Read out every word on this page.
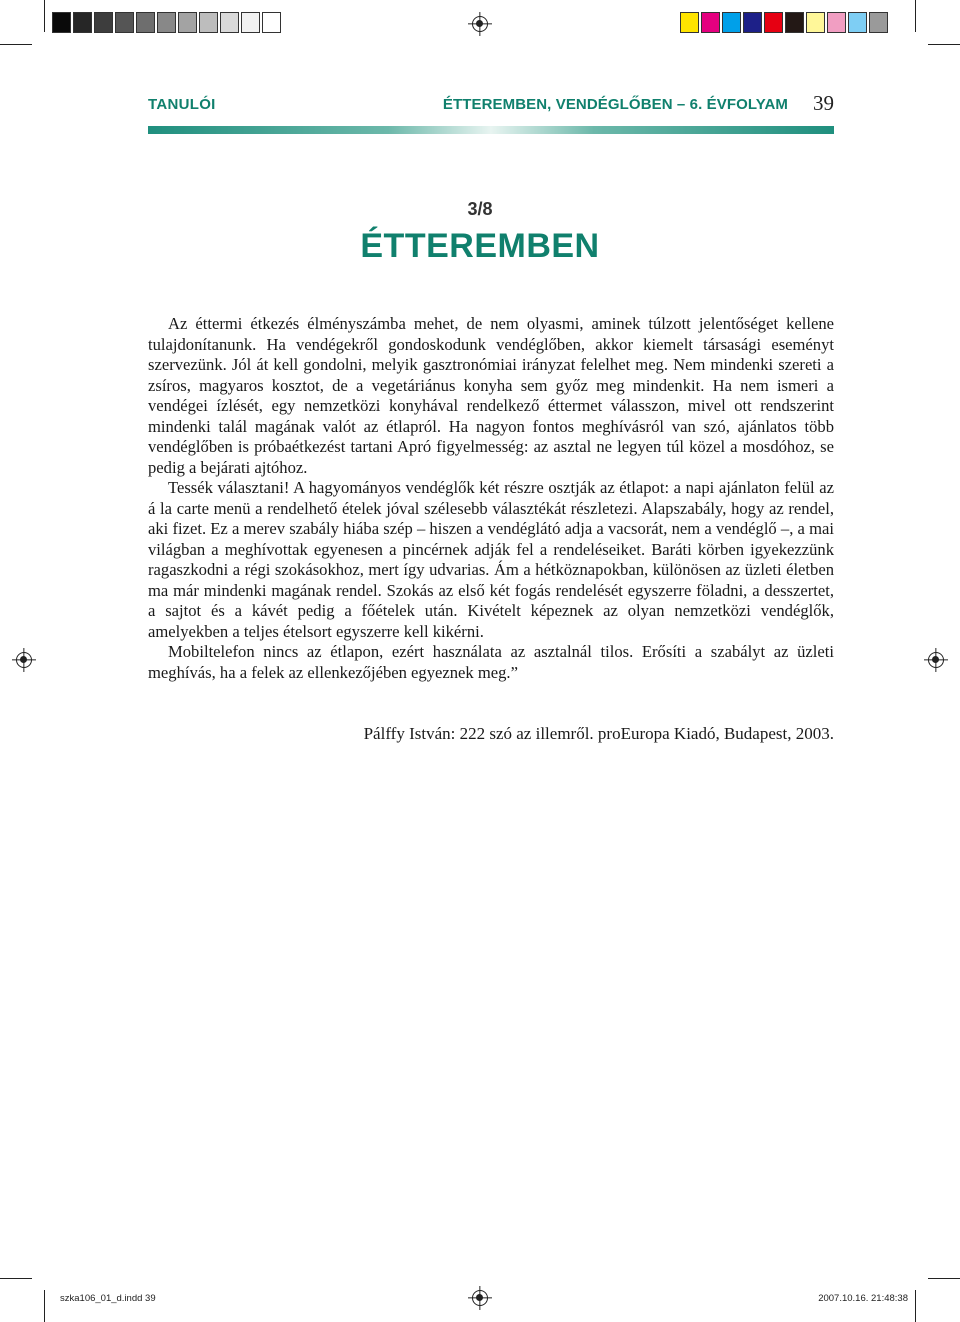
TANULÓI	ÉTTEREMBEN, VENDÉGLŐBEN – 6. ÉVFOLYAM 39
3/8
ÉTTEREMBEN

Az éttermi étkezés élményszámba mehet, de nem olyasmi, aminek túlzott jelentőséget kellene tulajdonítanunk. Ha vendégekről gondoskodunk vendéglőben, akkor kiemelt társasági eseményt szervezünk. Jól át kell gondolni, melyik gasztronómiai irányzat felelhet meg. Nem mindenki szereti a zsíros, magyaros kosztot, de a vegetáriánus konyha sem győz meg mindenkit. Ha nem ismeri a vendégei ízlését, egy nemzetközi konyhával rendelkező éttermet válasszon, mivel ott rendszerint mindenki talál magának valót az étlapról. Ha nagyon fontos meghívásról van szó, ajánlatos több vendéglőben is próbaétkezést tartani Apró figyelmesség: az asztal ne legyen túl közel a mosdóhoz, se pedig a bejárati ajtóhoz.

Tessék választani! A hagyományos vendéglők két részre osztják az étlapot: a napi ajánlaton felül az á la carte menü a rendelhető ételek jóval szélesebb választékát részletezi. Alapszabály, hogy az rendel, aki fizet. Ez a merev szabály hiába szép – hiszen a vendéglátó adja a vacsorát, nem a vendéglő –, a mai világban a meghívottak egyenesen a pincérnek adják fel a rendeléseiket. Baráti körben igyekezzünk ragaszkodni a régi szokásokhoz, mert így udvarias. Ám a hétköznapokban, különösen az üzleti életben ma már mindenki magának rendel. Szokás az első két fogás rendelését egyszerre föladni, a desszertet, a sajtot és a kávét pedig a főételek után. Kivételt képeznek az olyan nemzetközi vendéglők, amelyekben a teljes ételsort egyszerre kell kikérni.

Mobiltelefon nincs az étlapon, ezért használata az asztalnál tilos. Erősíti a szabályt az üzleti meghívás, ha a felek az ellenkezőjében egyeznek meg.”

Pálffy István: 222 szó az illemről. proEuropa Kiadó, Budapest, 2003.
szka106_01_d.indd 39	2007.10.16. 21:48:38
